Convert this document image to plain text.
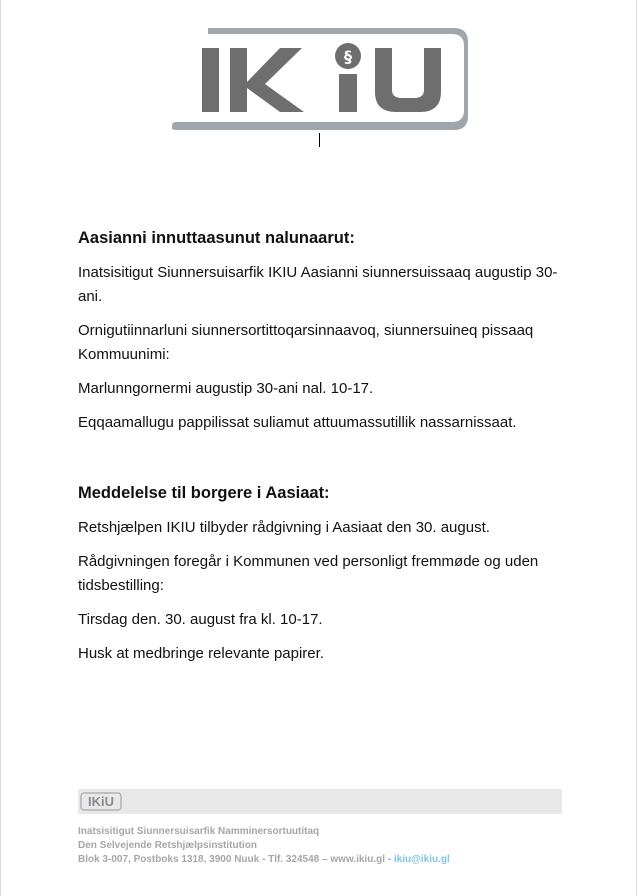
§
Aasianni innuttaasunut nalunaarut:
Inatsisitigut Siunnersuisarfik IKIU Aasianni siunnersuissaaq augustip 30-ani.
Ornigutiinnarluni siunnersortittoqarsinnaavoq, siunnersuineq pissaaq Kommuunimi:
Marlunngornermi augustip 30-ani nal. 10-17.
Eqqaamallugu pappilissat suliamut attuumassutillik nassarnissaat.
Meddelelse til borgere i Aasiaat:
Retshjælpen IKIU tilbyder rådgivning i Aasiaat den 30. august.
Rådgivningen foregår i Kommunen ved personligt fremmøde og uden tidsbestilling:
Tirsdag den. 30. august fra kl. 10-17.
Husk at medbringe relevante papirer.
IKiU
Inatsisitigut Siunnersuisarfik Namminersortuutitaq
Den Selvejende Retshjælpsinstitution
Blok 3-007, Postboks 1318, 3900 Nuuk - Tlf. 324548 – www.ikiu.gl - ikiu@ikiu.gl
